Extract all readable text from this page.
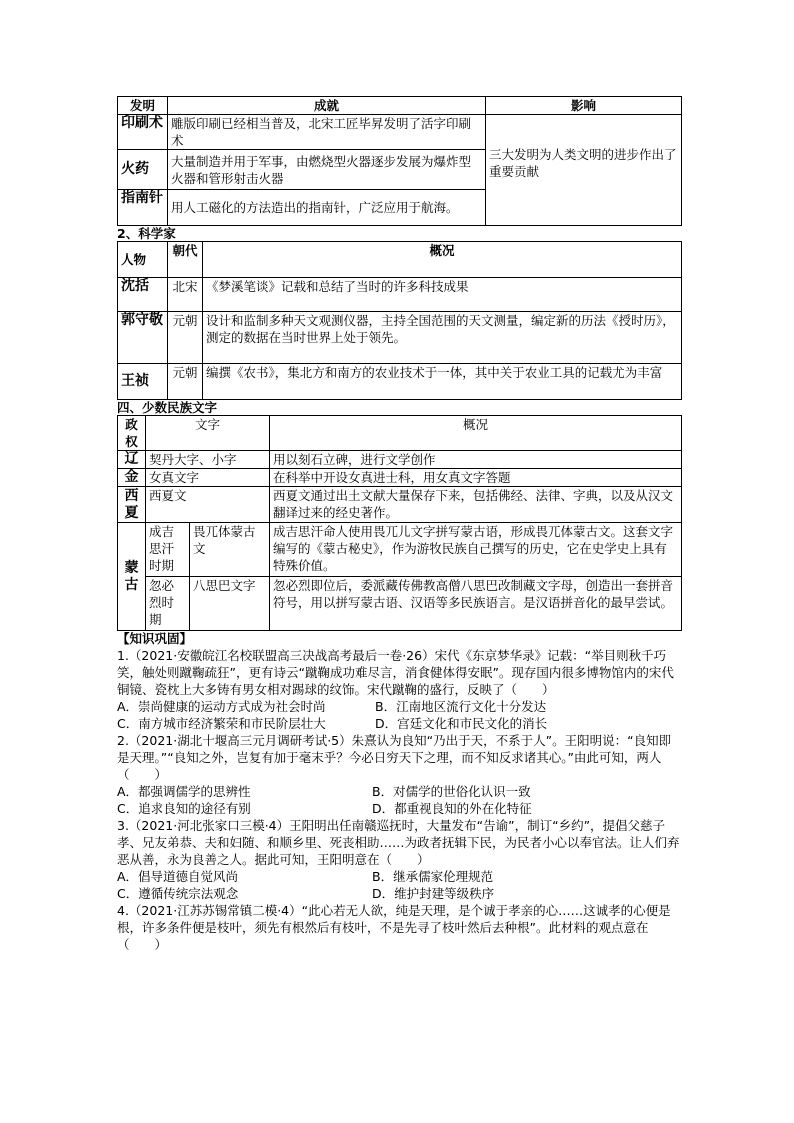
发明	成就	影响
印刷术	雕版印刷已经相当普及，北宋工匠毕昇发明了活字印刷术	三大发明为人类文明的进步作出了重要贡献
火药	大量制造并用于军事，由燃烧型火器逐步发展为爆炸型火器和管形射击火器	
指南针	用人工磁化的方法造出的指南针，广泛应用于航海。	
2、科学家
人物	朝代	概况
沈括	北宋	《梦溪笔谈》记载和总结了当时的许多科技成果
郭守敬	元朝	设计和监制多种天文观测仪器，主持全国范围的天文测量，编定新的历法《授时历》，测定的数据在当时世界上处于领先。
王祯	元朝	编撰《农书》，集北方和南方的农业技术于一体，其中关于农业工具的记载尤为丰富
四、少数民族文字
政权	文字		概况
辽	契丹大字、小字		用以刻石立碑，进行文学创作
金	女真文字		在科举中开设女真进士科，用女真文字答题
西夏	西夏文		西夏文通过出土文献大量保存下来，包括佛经、法律、字典，以及从汉文翻译过来的经史著作。
蒙古	成吉思汗时期	畏兀体蒙古文	成吉思汗命人使用畏兀儿文字拼写蒙古语，形成畏兀体蒙古文。这套文字编写的《蒙古秘史》，作为游牧民族自己撰写的历史，它在史学史上具有特殊价值。
	忽必烈时期	八思巴文字	忽必烈即位后，委派藏传佛教高僧八思巴改制藏文字母，创造出一套拼音符号，用以拼写蒙古语、汉语等多民族语言。是汉语拼音化的最早尝试。
【知识巩固】

1.（2021·安徽皖江名校联盟高三决战高考最后一卷·26）宋代《东京梦华录》记载：“举目则秋千巧笑，触处则蹴鞠疏狂”，更有诗云“蹴鞠成功难尽言，消食健体得安眠”。现存国内很多博物馆内的宋代铜镜、瓷枕上大多铸有男女相对踢球的纹饰。宋代蹴鞠的盛行，反映了（　　）

A．崇尚健康的运动方式成为社会时尚	B．江南地区流行文化十分发达
C．南方城市经济繁荣和市民阶层壮大	D．宫廷文化和市民文化的消长

2.（2021·湖北十堰高三元月调研考试·5）朱熹认为良知“乃出于天，不系于人”。王阳明说：“良知即是天理。”“良知之外，岂复有加于毫末乎？今必日穷天下之理，而不知反求诸其心。”由此可知，两人（　　）

A．都强调儒学的思辨性	B．对儒学的世俗化认识一致
C．追求良知的途径有别	D．都重视良知的外在化特征

3.（2021·河北张家口三模·4）王阳明出任南赣巡抚时，大量发布“告谕”，制订“乡约”，提倡父慈子孝、兄友弟恭、夫和妇随、和顺乡里、死丧相助……为政者抚辑下民，为民者小心以奉官法。让人们弃恶从善，永为良善之人。据此可知，王阳明意在（　　）

A．倡导道德自觉风尚	B．继承儒家伦理规范
C．遵循传统宗法观念	D．维护封建等级秩序

4.（2021·江苏苏锡常镇二模·4）“此心若无人欲，纯是天理，是个诚于孝亲的心……这诚孝的心便是根，许多条件便是枝叶，须先有根然后有枝叶，不是先寻了枝叶然后去种根”。此材料的观点意在（　　）
